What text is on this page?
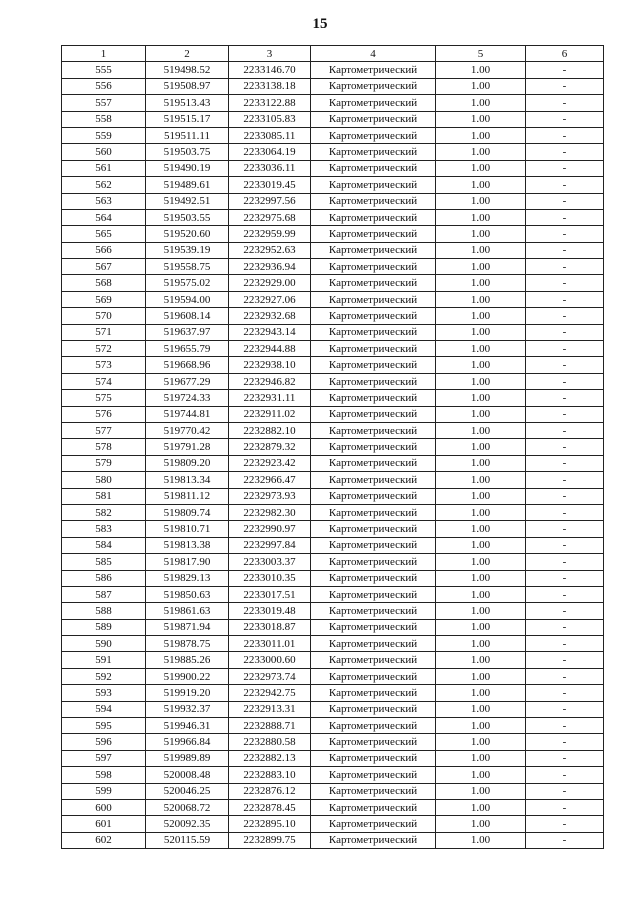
15
1	2	3	4	5	6
555	519498.52	2233146.70	Картометрический	1.00	-
556	519508.97	2233138.18	Картометрический	1.00	-
557	519513.43	2233122.88	Картометрический	1.00	-
558	519515.17	2233105.83	Картометрический	1.00	-
559	519511.11	2233085.11	Картометрический	1.00	-
560	519503.75	2233064.19	Картометрический	1.00	-
561	519490.19	2233036.11	Картометрический	1.00	-
562	519489.61	2233019.45	Картометрический	1.00	-
563	519492.51	2232997.56	Картометрический	1.00	-
564	519503.55	2232975.68	Картометрический	1.00	-
565	519520.60	2232959.99	Картометрический	1.00	-
566	519539.19	2232952.63	Картометрический	1.00	-
567	519558.75	2232936.94	Картометрический	1.00	-
568	519575.02	2232929.00	Картометрический	1.00	-
569	519594.00	2232927.06	Картометрический	1.00	-
570	519608.14	2232932.68	Картометрический	1.00	-
571	519637.97	2232943.14	Картометрический	1.00	-
572	519655.79	2232944.88	Картометрический	1.00	-
573	519668.96	2232938.10	Картометрический	1.00	-
574	519677.29	2232946.82	Картометрический	1.00	-
575	519724.33	2232931.11	Картометрический	1.00	-
576	519744.81	2232911.02	Картометрический	1.00	-
577	519770.42	2232882.10	Картометрический	1.00	-
578	519791.28	2232879.32	Картометрический	1.00	-
579	519809.20	2232923.42	Картометрический	1.00	-
580	519813.34	2232966.47	Картометрический	1.00	-
581	519811.12	2232973.93	Картометрический	1.00	-
582	519809.74	2232982.30	Картометрический	1.00	-
583	519810.71	2232990.97	Картометрический	1.00	-
584	519813.38	2232997.84	Картометрический	1.00	-
585	519817.90	2233003.37	Картометрический	1.00	-
586	519829.13	2233010.35	Картометрический	1.00	-
587	519850.63	2233017.51	Картометрический	1.00	-
588	519861.63	2233019.48	Картометрический	1.00	-
589	519871.94	2233018.87	Картометрический	1.00	-
590	519878.75	2233011.01	Картометрический	1.00	-
591	519885.26	2233000.60	Картометрический	1.00	-
592	519900.22	2232973.74	Картометрический	1.00	-
593	519919.20	2232942.75	Картометрический	1.00	-
594	519932.37	2232913.31	Картометрический	1.00	-
595	519946.31	2232888.71	Картометрический	1.00	-
596	519966.84	2232880.58	Картометрический	1.00	-
597	519989.89	2232882.13	Картометрический	1.00	-
598	520008.48	2232883.10	Картометрический	1.00	-
599	520046.25	2232876.12	Картометрический	1.00	-
600	520068.72	2232878.45	Картометрический	1.00	-
601	520092.35	2232895.10	Картометрический	1.00	-
602	520115.59	2232899.75	Картометрический	1.00	-
